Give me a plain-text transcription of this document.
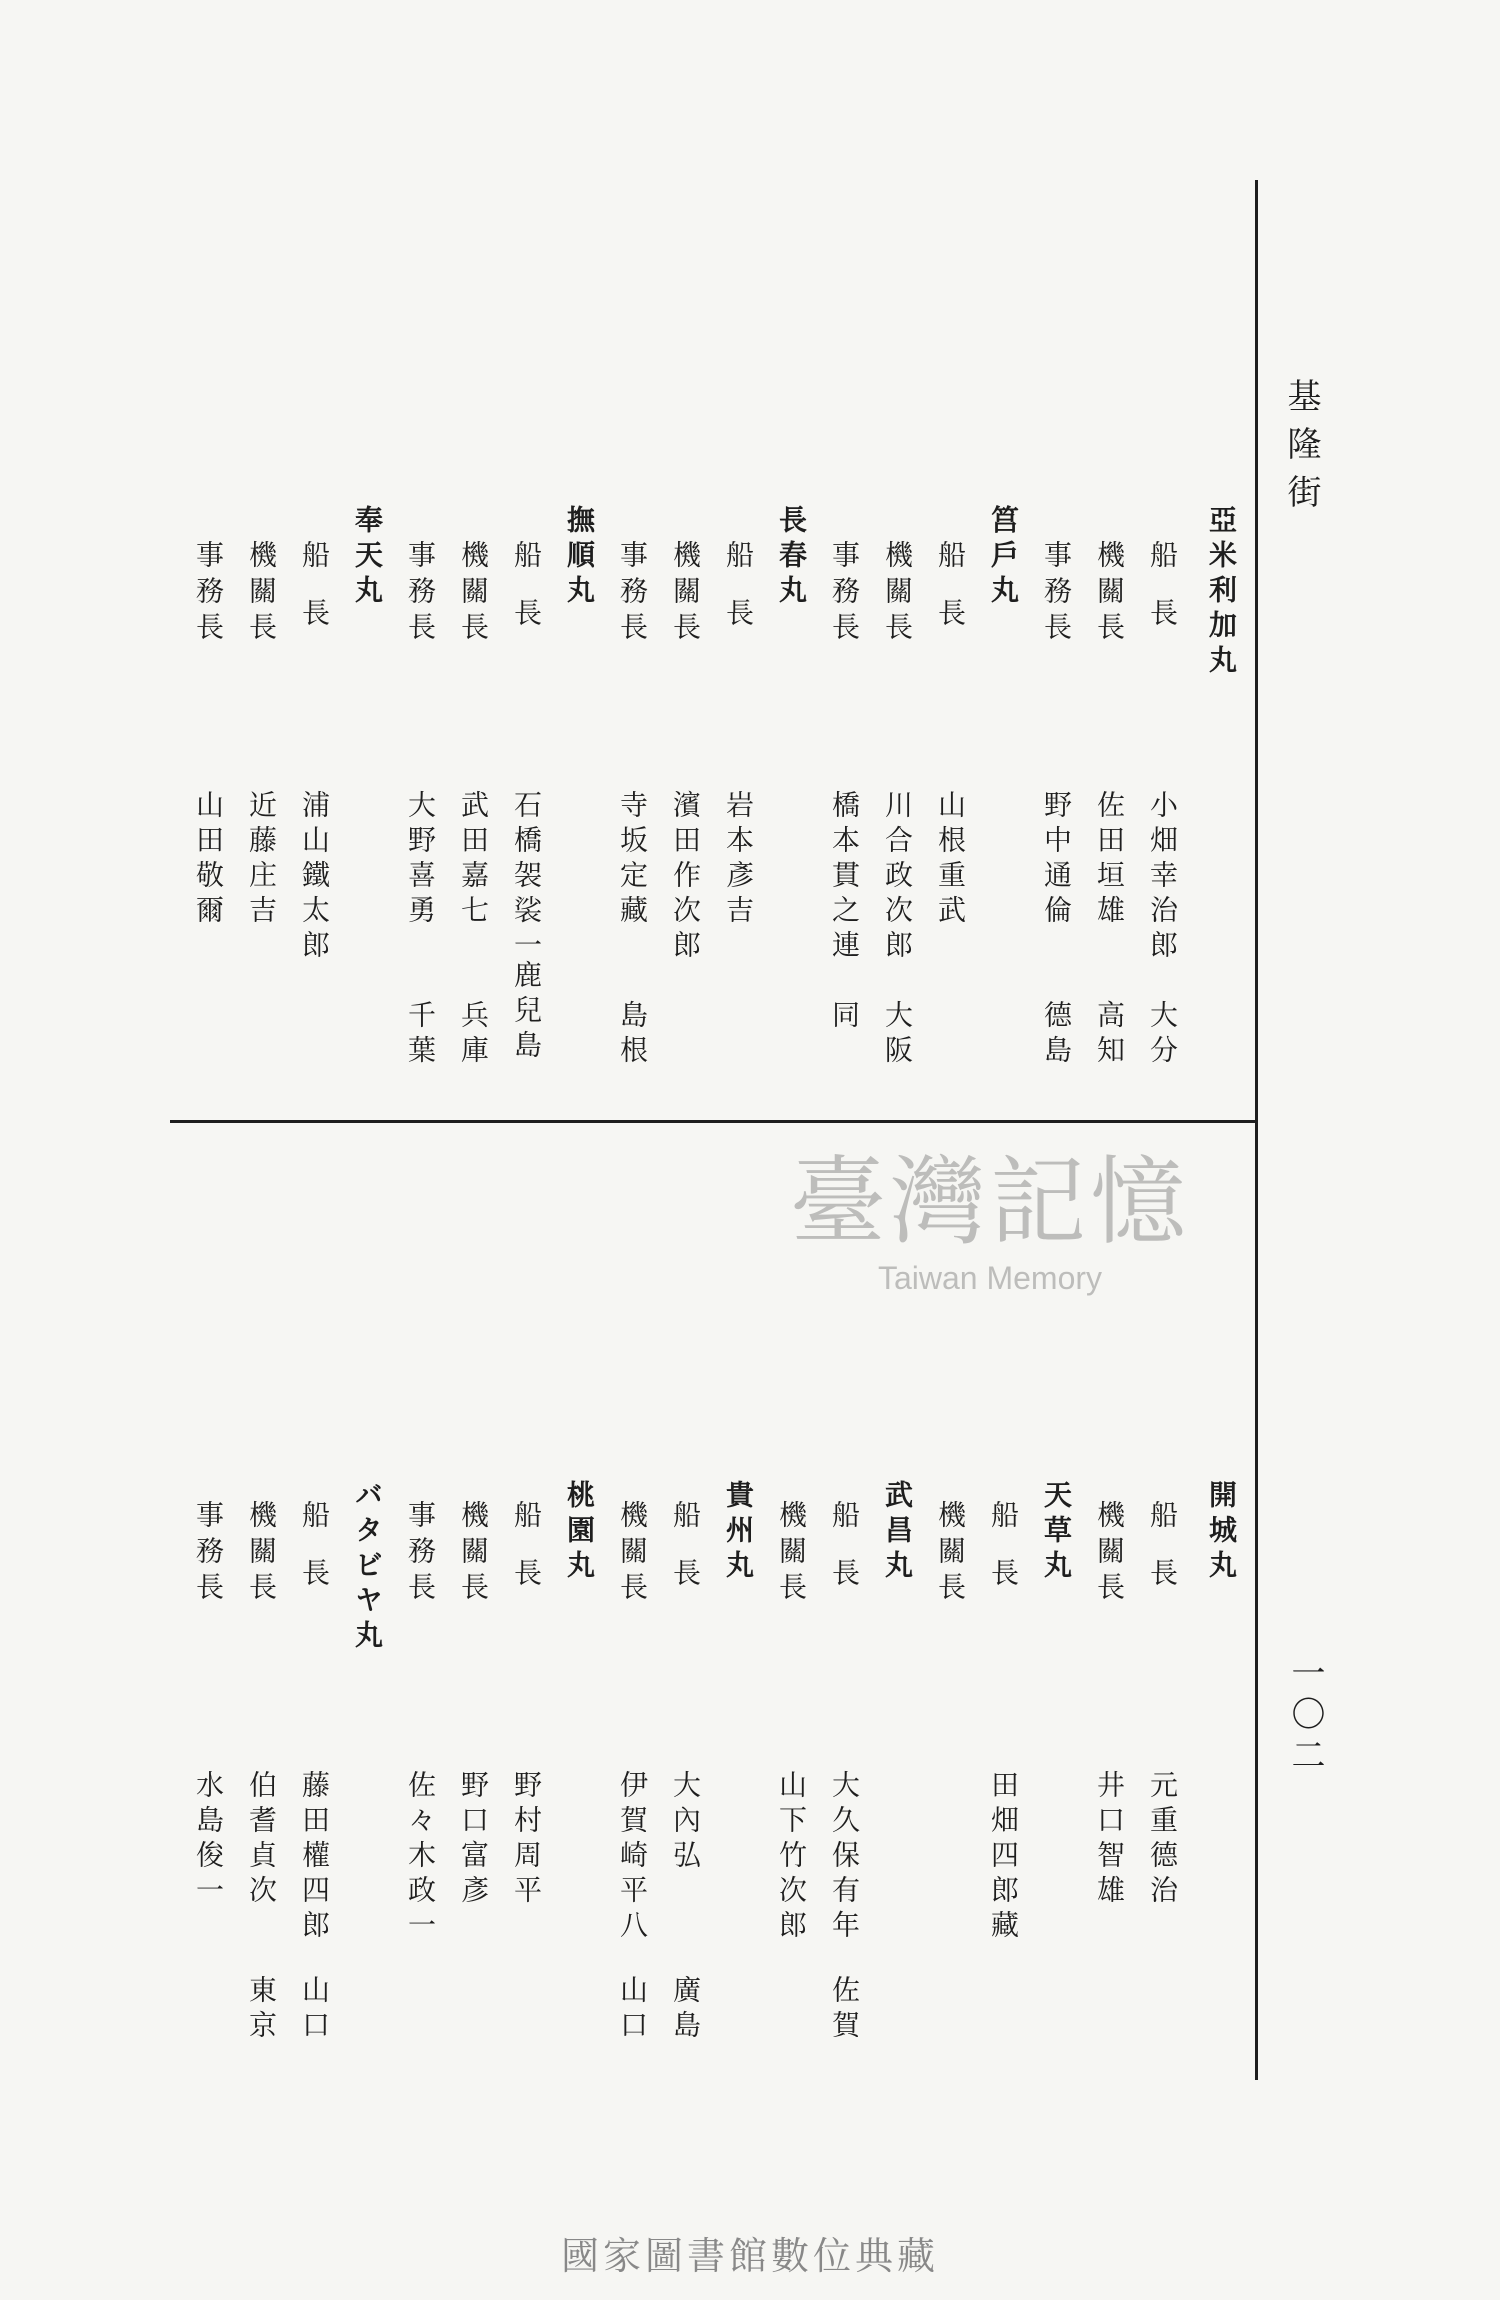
基隆街
一〇二
亞米利加丸
船長
小畑幸治郎
大分
機關長
佐田垣雄
高知
事務長
野中通倫
德島
筥戶丸
船長
山根重武
機關長
川合政次郎
大阪
事務長
橋本貫之連
同
長春丸
船長
岩本彥吉
機關長
濱田作次郎
事務長
寺坂定藏
島根
撫順丸
船長
石橋袈裟一
鹿兒島
機關長
武田嘉七
兵庫
事務長
大野喜勇
千葉
奉天丸
船長
浦山鐵太郎
機關長
近藤庄吉
事務長
山田敬爾
臺灣記憶
Taiwan Memory
開城丸
船長
元重德治
機關長
井口智雄
天草丸
船長
機關長
田畑四郎藏
武昌丸
船長
大久保有年
佐賀
機關長
山下竹次郎
貴州丸
船長
大內弘
廣島
機關長
伊賀崎平八
山口
桃園丸
船長
野村周平
機關長
野口富彥
事務長
佐々木政一
バタビヤ丸
船長
藤田權四郎
山口
機關長
伯耆貞次
東京
事務長
水島俊一
國家圖書館數位典藏
